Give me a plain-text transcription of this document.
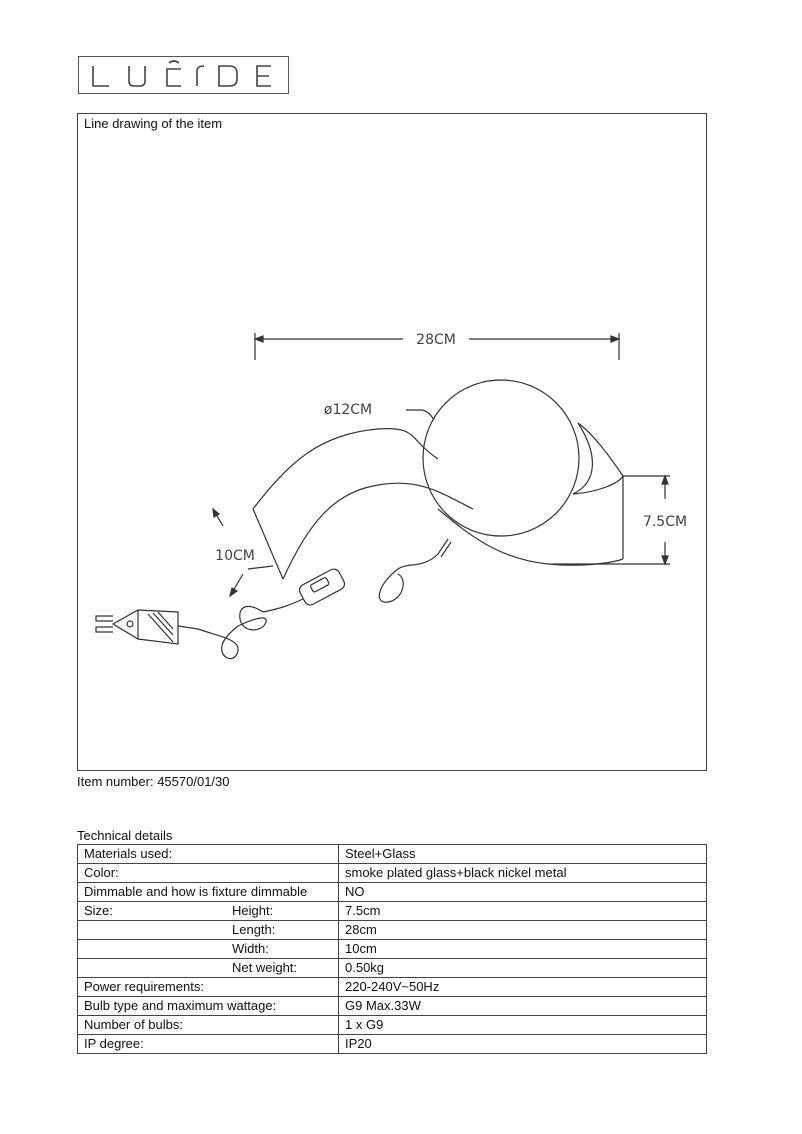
Line drawing of the item
28CM
ø12CM
7.5CM
10CM
Item number: 45570/01/30
Technical details
Materials used:	Steel+Glass
Color:	smoke plated glass+black nickel metal
Dimmable and how is fixture dimmable	NO
Size: Height:	7.5cm
Length:	28cm
Width:	10cm
Net weight:	0.50kg
Power requirements:	220-240V~50Hz
Bulb type and maximum wattage:	G9 Max.33W
Number of bulbs:	1 x G9
IP degree:	IP20
